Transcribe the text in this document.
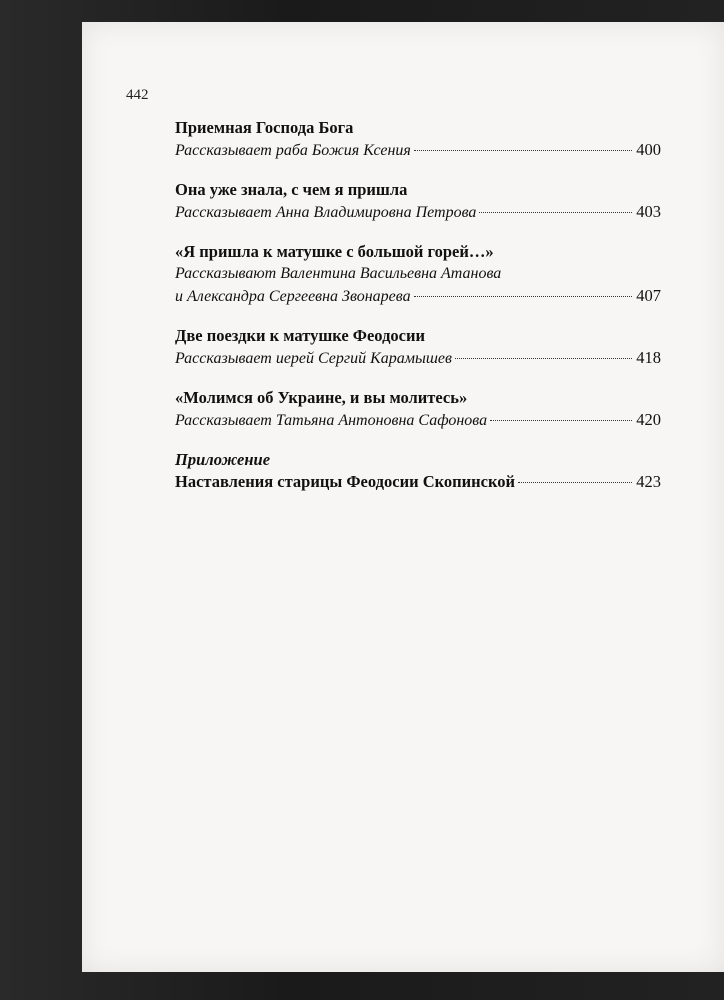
442
Приемная Господа Бога
Рассказывает раба Божия Ксения	400
Она уже знала, с чем я пришла
Рассказывает Анна Владимировна Петрова	403
«Я пришла к матушке с большой горей…»
Рассказывают Валентина Васильевна Атанова
и Александра Сергеевна Звонарева	407
Две поездки к матушке Феодосии
Рассказывает иерей Сергий Карамышев	418
«Молимся об Украине, и вы молитесь»
Рассказывает Татьяна Антоновна Сафонова	420
Приложение
Наставления старицы Феодосии Скопинской	423
